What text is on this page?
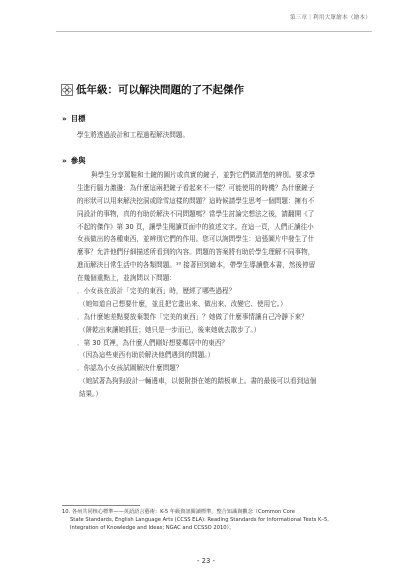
第三章｜利用大眾繪本（繪本）
低年級：可以解決問題的了不起傑作
» 目標
學生將透過設計和工程過程解決問題。
» 參與
與學生分享駕鞋和土鏟的圖片或真實的鏟子，並對它們做清楚的辨別。要求學
生進行腦力激盪：為什麼這兩把鏟子看起來不一樣？可能使用的時機？為什麼鏟子
的形狀可以用來解決挖洞或除雪這樣的問題？這時候請學生思考一個問題：擁有不
同設計的事物，真的有助於解決不同問題嗎？當學生討論完想法之後，請翻開《了
不起的傑作》第 30 頁，讓學生閱讀頁面中的敘述文字。在這一頁，人們正讀往小
女孩做出的各種東西，並辨別它們的作用。您可以詢問學生：這張圖片中發生了什
麼事？允許他們仔細描述所看到的內容。問題的答案將有助於學生理解不同事物，
進而解決日常生活中的各類問題。¹⁰ 接著回到繪本，帶學生導讀整本書，然後停留
在幾個重點上，並詢問以下問題：
．小女孩在設計「完美的東西」時，歷經了哪些過程？
（她知道自己想要什麼，並且把它畫出來、做出來、改變它、使用它。）
．為什麼她差點要放棄製作「完美的東西」？她做了什麼事情讓自己冷靜下來？
（餅乾出來讓她抓狂；她只是一步而已，後來她就去散步了。）
．第 30 頁裡，為什麼人們剛好想要鄰居中的東西？
（因為這些東西有助於解決他們遇到的問題。）
．你認為小女孩試圖解決什麼問題？
（她試著為狗狗設計一輛邊車，以便附掛在她的踏板車上。書的最後可以看到這個
結果。）
10. 各州共同核心標準——英語語言藝術：K-5 年級資訊閱讀標準，整合知識與觀念（Common Core
State Standards, English Language Arts (CCSS ELA): Reading Standards for Informational Texts K–5,
Integration of Knowledge and Ideas; NGAC and CCSSO 2010）。
- 23 -
